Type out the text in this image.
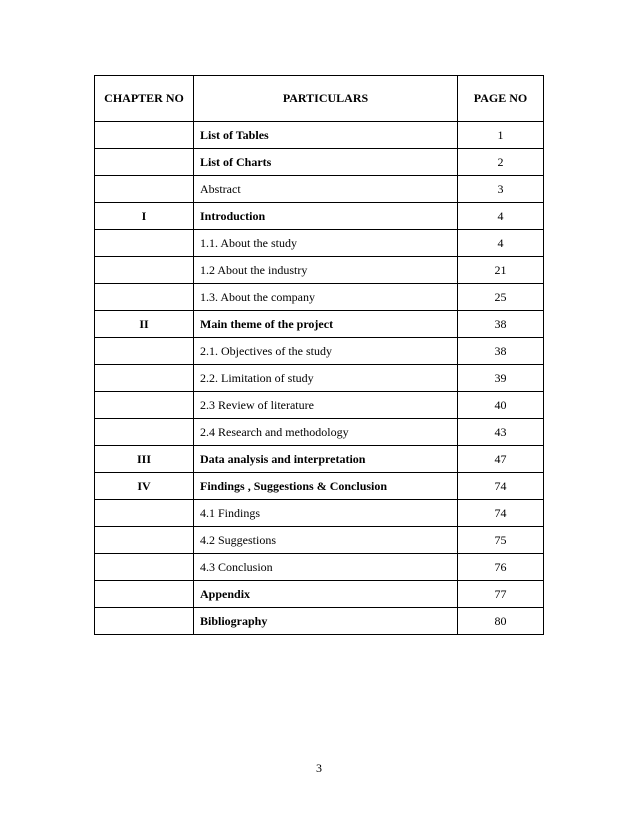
CHAPTER NO	PARTICULARS	PAGE NO
	List of Tables	1
	List of Charts	2
	Abstract	3
I	Introduction	4
	1.1. About the study	4
	1.2 About the industry	21
	1.3. About the company	25
II	Main theme of the project	38
	2.1. Objectives of the study	38
	2.2. Limitation of study	39
	2.3 Review of literature	40
	2.4 Research and methodology	43
III	Data analysis and interpretation	47
IV	Findings , Suggestions & Conclusion	74
	4.1 Findings	74
	4.2 Suggestions	75
	4.3 Conclusion	76
	Appendix	77
	Bibliography	80
3
